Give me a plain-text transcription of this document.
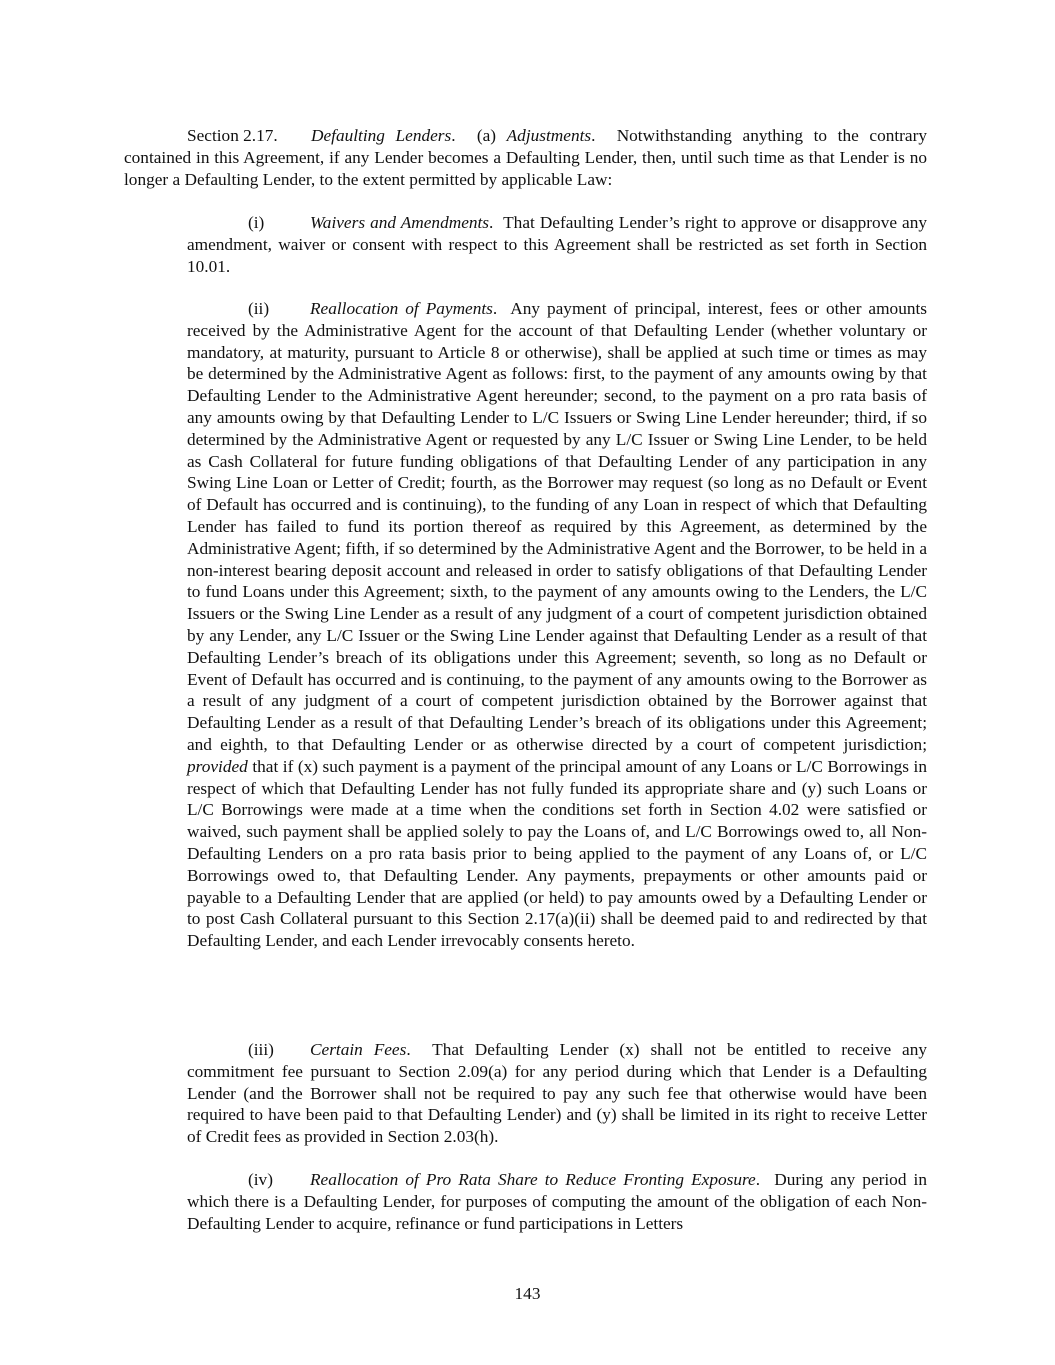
Section 2.17. Defaulting Lenders.  (a) Adjustments.  Notwithstanding anything to the contrary contained in this Agreement, if any Lender becomes a Defaulting Lender, then, until such time as that Lender is no longer a Defaulting Lender, to the extent permitted by applicable Law:

(i)	Waivers and Amendments.  That Defaulting Lender’s right to approve or disapprove any amendment, waiver or consent with respect to this Agreement shall be restricted as set forth in Section 10.01.

(ii) Reallocation of Payments.  Any payment of principal, interest, fees or other amounts received by the Administrative Agent for the account of that Defaulting Lender (whether voluntary or mandatory, at maturity, pursuant to Article 8 or otherwise), shall be applied at such time or times as may be determined by the Administrative Agent as follows: first, to the payment of any amounts owing by that Defaulting Lender to the Administrative Agent hereunder; second, to the payment on a pro rata basis of any amounts owing by that Defaulting Lender to L/C Issuers or Swing Line Lender hereunder; third, if so determined by the Administrative Agent or requested by any L/C Issuer or Swing Line Lender, to be held as Cash Collateral for future funding obligations of that Defaulting Lender of any participation in any Swing Line Loan or Letter of Credit; fourth, as the Borrower may request (so long as no Default or Event of Default has occurred and is continuing), to the funding of any Loan in respect of which that Defaulting Lender has failed to fund its portion thereof as required by this Agreement, as determined by the Administrative Agent; fifth, if so determined by the Administrative Agent and the Borrower, to be held in a non-interest bearing deposit account and released in order to satisfy obligations of that Defaulting Lender to fund Loans under this Agreement; sixth, to the payment of any amounts owing to the Lenders, the L/C Issuers or the Swing Line Lender as a result of any judgment of a court of competent jurisdiction obtained by any Lender, any L/C Issuer or the Swing Line Lender against that Defaulting Lender as a result of that Defaulting Lender’s breach of its obligations under this Agreement; seventh, so long as no Default or Event of Default has occurred and is continuing, to the payment of any amounts owing to the Borrower as a result of any judgment of a court of competent jurisdiction obtained by the Borrower against that Defaulting Lender as a result of that Defaulting Lender’s breach of its obligations under this Agreement; and eighth, to that Defaulting Lender or as otherwise directed by a court of competent jurisdiction; provided that if (x) such payment is a payment of the principal amount of any Loans or L/C Borrowings in respect of which that Defaulting Lender has not fully funded its appropriate share and (y) such Loans or L/C Borrowings were made at a time when the conditions set forth in Section 4.02 were satisfied or waived, such payment shall be applied solely to pay the Loans of, and L/C Borrowings owed to, all Non-Defaulting Lenders on a pro rata basis prior to being applied to the payment of any Loans of, or L/C Borrowings owed to, that Defaulting Lender. Any payments, prepayments or other amounts paid or payable to a Defaulting Lender that are applied (or held) to pay amounts owed by a Defaulting Lender or to post Cash Collateral pursuant to this Section 2.17(a)(ii) shall be deemed paid to and redirected by that Defaulting Lender, and each Lender irrevocably consents hereto.

(iii) Certain Fees.  That Defaulting Lender (x) shall not be entitled to receive any commitment fee pursuant to Section 2.09(a) for any period during which that Lender is a Defaulting Lender (and the Borrower shall not be required to pay any such fee that otherwise would have been required to have been paid to that Defaulting Lender) and (y) shall be limited in its right to receive Letter of Credit fees as provided in Section 2.03(h).

(iv) Reallocation of Pro Rata Share to Reduce Fronting Exposure.  During any period in which there is a Defaulting Lender, for purposes of computing the amount of the obligation of each Non-Defaulting Lender to acquire, refinance or fund participations in Letters

143
